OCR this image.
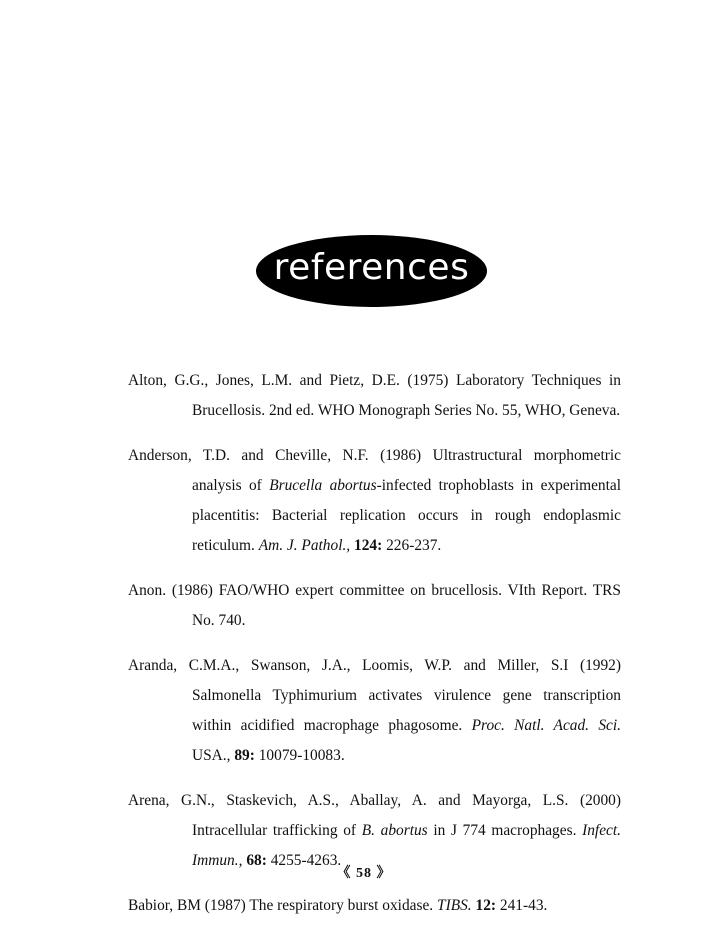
references

Alton, G.G., Jones, L.M. and Pietz, D.E. (1975) Laboratory Techniques in Brucellosis. 2nd ed. WHO Monograph Series No. 55, WHO, Geneva.

Anderson, T.D. and Cheville, N.F. (1986) Ultrastructural morphometric analysis of Brucella abortus-infected trophoblasts in experimental placentitis: Bacterial replication occurs in rough endoplasmic reticulum. Am. J. Pathol., 124: 226-237.

Anon. (1986) FAO/WHO expert committee on brucellosis. VIth Report. TRS No. 740.

Aranda, C.M.A., Swanson, J.A., Loomis, W.P. and Miller, S.I (1992) Salmonella Typhimurium activates virulence gene transcription within acidified macrophage phagosome. Proc. Natl. Acad. Sci. USA., 89: 10079-10083.

Arena, G.N., Staskevich, A.S., Aballay, A. and Mayorga, L.S. (2000) Intracellular trafficking of B. abortus in J 774 macrophages. Infect. Immun., 68: 4255-4263.

Babior, BM (1987) The respiratory burst oxidase. TIBS. 12: 241-43.

《 58 》
